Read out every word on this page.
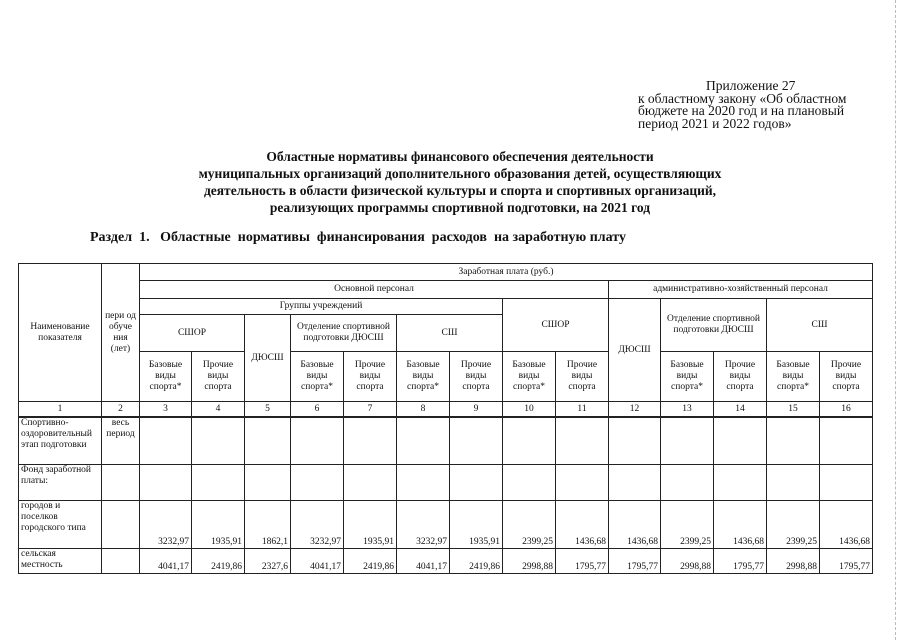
Приложение 27
к областному закону «Об областном
бюджете на 2020 год и на плановый
период 2021 и 2022 годов»
Областные нормативы финансового обеспечения деятельности
муниципальных организаций дополнительного образования детей, осуществляющих
деятельность в области физической культуры и спорта и спортивных организаций,
реализующих программы спортивной подготовки, на 2021 год
Раздел  1.   Областные  нормативы  финансирования  расходов  на заработную плату
Наименование показателя	пери од обуче ния (лет)	Заработная плата (руб.)													
		Основной персонал									административно-хозяйственный персонал				
		Группы учреждений							СШОР		ДЮСШ	Отделение спортивной подготовки ДЮСШ		СШ	
		СШОР		ДЮСШ	Отделение спортивной подготовки ДЮСШ		СШ								
		Базовые виды спорта*	Прочие виды спорта		Базовые виды спорта*	Прочие виды спорта	Базовые виды спорта*	Прочие виды спорта	Базовые виды спорта*	Прочие виды спорта		Базовые виды спорта*	Прочие виды спорта	Базовые виды спорта*	Прочие виды спорта
1	2	3	4	5	6	7	8	9	10	11	12	13	14	15	16
Спортивно-оздоровительный этап подготовки	весь период														
Фонд заработной платы:															
городов и поселков городского типа		3232,97	1935,91	1862,1	3232,97	1935,91	3232,97	1935,91	2399,25	1436,68	1436,68	2399,25	1436,68	2399,25	1436,68
сельская местность		4041,17	2419,86	2327,6	4041,17	2419,86	4041,17	2419,86	2998,88	1795,77	1795,77	2998,88	1795,77	2998,88	1795,77
